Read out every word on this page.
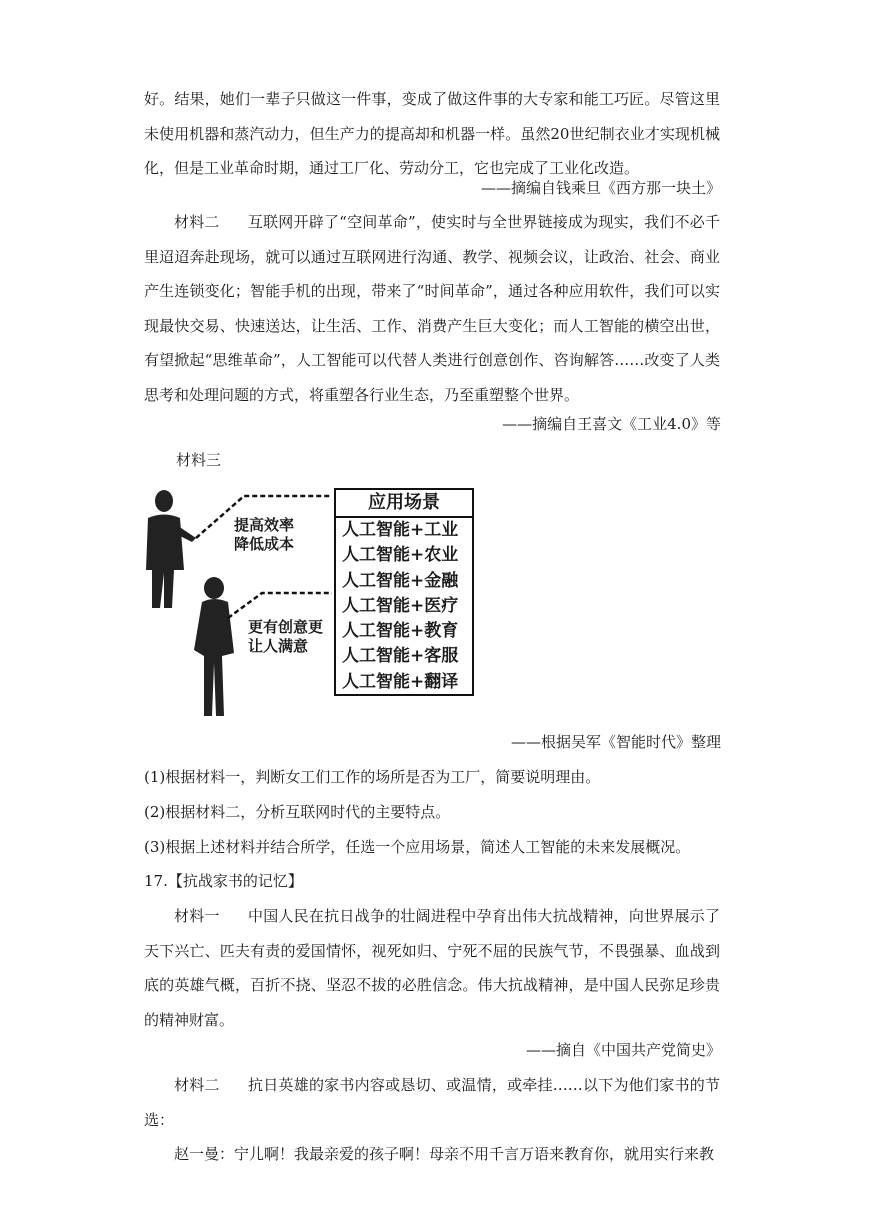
好。结果，她们一辈子只做这一件事，变成了做这件事的大专家和能工巧匠。尽管这里未使用机器和蒸汽动力，但生产力的提高却和机器一样。虽然20世纪制衣业才实现机械化，但是工业革命时期，通过工厂化、劳动分工，它也完成了工业化改造。

——摘编自钱乘旦《西方那一块土》

材料二 互联网开辟了“空间革命”，使实时与全世界链接成为现实，我们不必千里迢迢奔赴现场，就可以通过互联网进行沟通、教学、视频会议，让政治、社会、商业产生连锁变化；智能手机的出现，带来了“时间革命”，通过各种应用软件，我们可以实现最快交易、快速送达，让生活、工作、消费产生巨大变化；而人工智能的横空出世，有望掀起“思维革命”，人工智能可以代替人类进行创意创作、咨询解答……改变了人类思考和处理问题的方式，将重塑各行业生态，乃至重塑整个世界。

——摘编自王喜文《工业4.0》等

材料三

提高效率
降低成本
更有创意更
让人满意
应用场景
人工智能+工业
人工智能+农业
人工智能+金融
人工智能+医疗
人工智能+教育
人工智能+客服
人工智能+翻译

——根据吴军《智能时代》整理

(1)根据材料一，判断女工们工作的场所是否为工厂，简要说明理由。

(2)根据材料二，分析互联网时代的主要特点。

(3)根据上述材料并结合所学，任选一个应用场景，简述人工智能的未来发展概况。

17.【抗战家书的记忆】

材料一 中国人民在抗日战争的壮阔进程中孕育出伟大抗战精神，向世界展示了天下兴亡、匹夫有责的爱国情怀，视死如归、宁死不屈的民族气节，不畏强暴、血战到底的英雄气概，百折不挠、坚忍不拔的必胜信念。伟大抗战精神，是中国人民弥足珍贵的精神财富。

——摘自《中国共产党简史》

材料二 抗日英雄的家书内容或恳切、或温情，或牵挂……以下为他们家书的节选：

赵一曼：宁儿啊！我最亲爱的孩子啊！母亲不用千言万语来教育你，就用实行来教
